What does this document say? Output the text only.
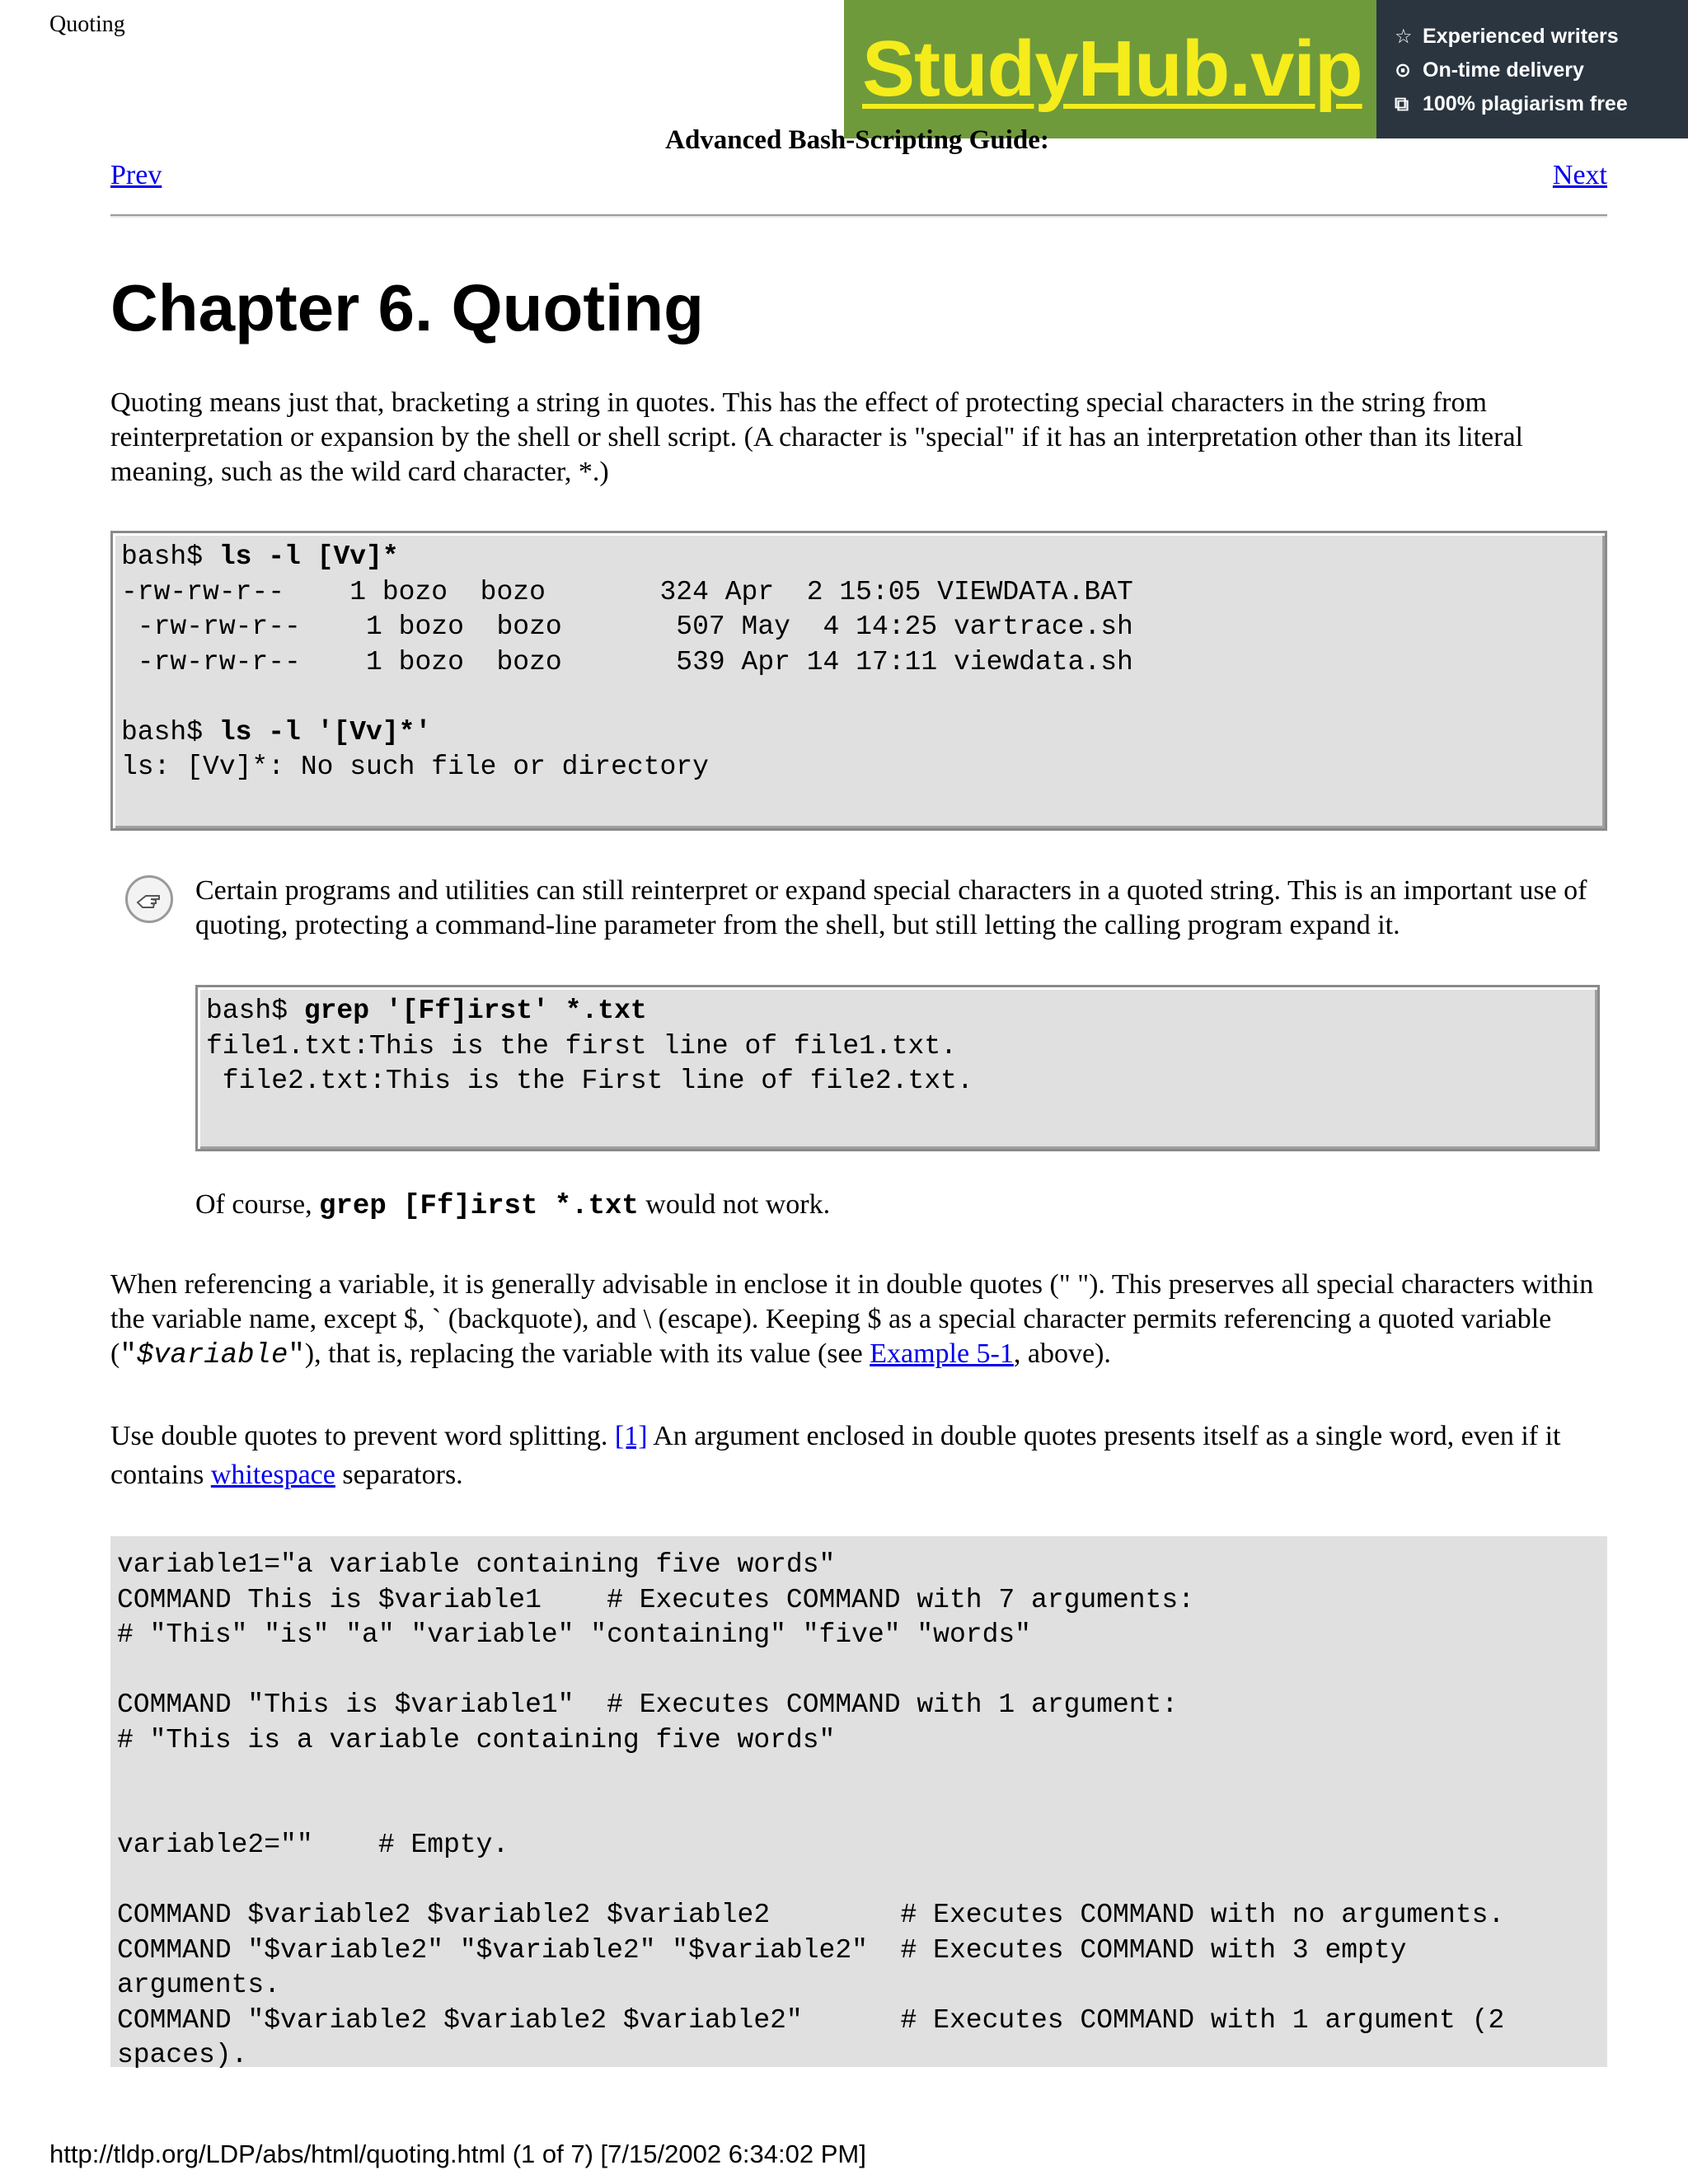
Quoting
StudyHub.vip ☆ Experienced writers
⊙ On-time delivery
⧉ 100% plagiarism free
Advanced Bash-Scripting Guide:
Prev	Next
Chapter 6. Quoting
Quoting means just that, bracketing a string in quotes. This has the effect of protecting special characters in the string from reinterpretation or expansion by the shell or shell script. (A character is "special" if it has an interpretation other than its literal meaning, such as the wild card character, *.)
bash$ ls -l [Vv]*
-rw-rw-r--    1 bozo  bozo       324 Apr  2 15:05 VIEWDATA.BAT
-rw-rw-r--    1 bozo  bozo       507 May  4 14:25 vartrace.sh
-rw-rw-r--    1 bozo  bozo       539 Apr 14 17:11 viewdata.sh

bash$ ls -l '[Vv]*'
ls: [Vv]*: No such file or directory
Certain programs and utilities can still reinterpret or expand special characters in a quoted string. This is an important use of quoting, protecting a command-line parameter from the shell, but still letting the calling program expand it.
bash$ grep '[Ff]irst' *.txt
file1.txt:This is the first line of file1.txt.
file2.txt:This is the First line of file2.txt.
Of course, grep [Ff]irst *.txt would not work.
When referencing a variable, it is generally advisable in enclose it in double quotes (" "). This preserves all special characters within the variable name, except $, ` (backquote), and \ (escape). Keeping $ as a special character permits referencing a quoted variable ("$variable"), that is, replacing the variable with its value (see Example 5-1, above).
Use double quotes to prevent word splitting. [1] An argument enclosed in double quotes presents itself as a single word, even if it contains whitespace separators.
variable1="a variable containing five words"
COMMAND This is $variable1    # Executes COMMAND with 7 arguments:
# "This" "is" "a" "variable" "containing" "five" "words"

COMMAND "This is $variable1"  # Executes COMMAND with 1 argument:
# "This is a variable containing five words"

variable2=""    # Empty.

COMMAND $variable2 $variable2 $variable2        # Executes COMMAND with no arguments.
COMMAND "$variable2" "$variable2" "$variable2"  # Executes COMMAND with 3 empty
arguments.
COMMAND "$variable2 $variable2 $variable2"      # Executes COMMAND with 1 argument (2
spaces).
http://tldp.org/LDP/abs/html/quoting.html (1 of 7) [7/15/2002 6:34:02 PM]
